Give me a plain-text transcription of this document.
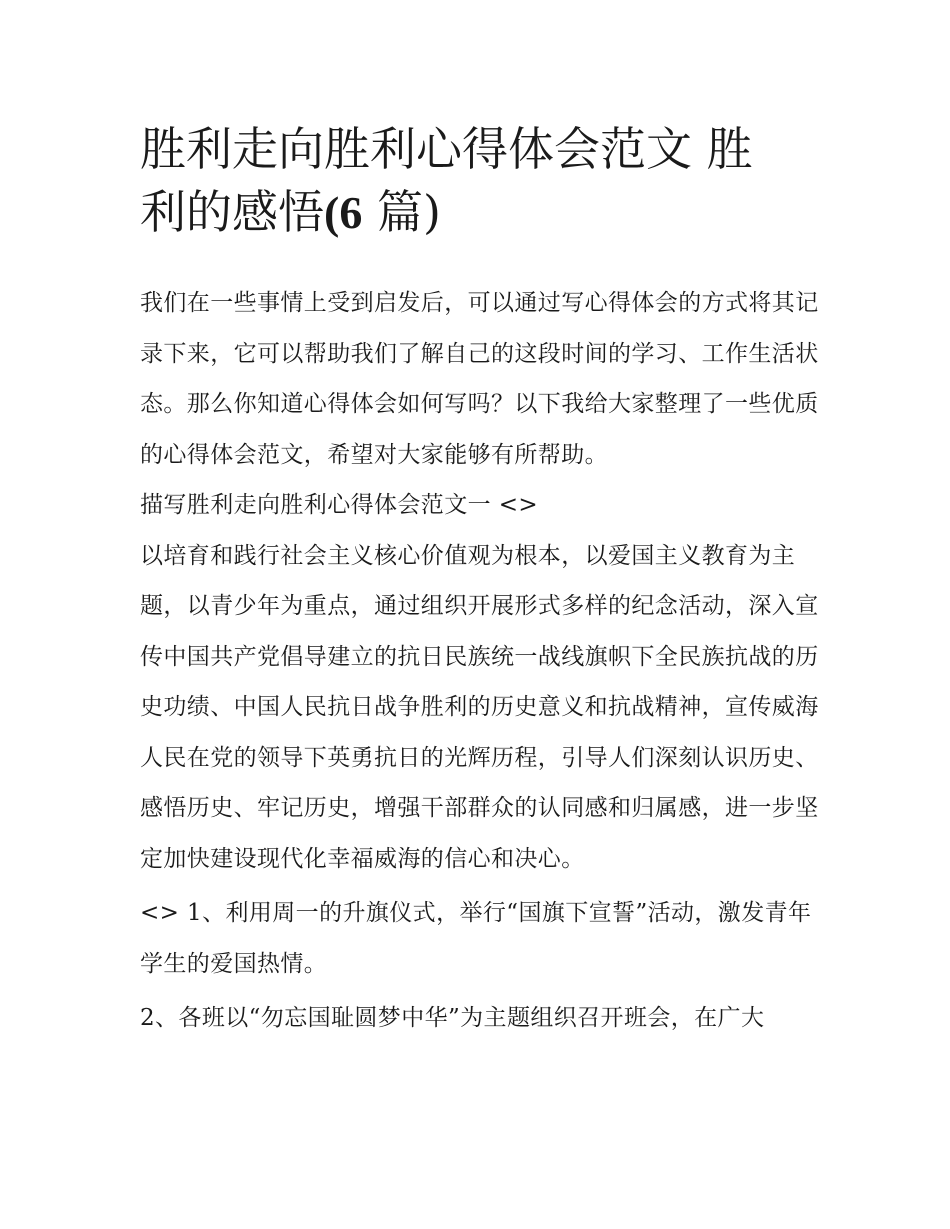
胜利走向胜利心得体会范文 胜
利的感悟(6 篇)

我们在一些事情上受到启发后，可以通过写心得体会的方式将其记录下来，它可以帮助我们了解自己的这段时间的学习、工作生活状态。那么你知道心得体会如何写吗？以下我给大家整理了一些优质的心得体会范文，希望对大家能够有所帮助。

描写胜利走向胜利心得体会范文一 <>

以培育和践行社会主义核心价值观为根本，以爱国主义教育为主题，以青少年为重点，通过组织开展形式多样的纪念活动，深入宣传中国共产党倡导建立的抗日民族统一战线旗帜下全民族抗战的历史功绩、中国人民抗日战争胜利的历史意义和抗战精神，宣传威海人民在党的领导下英勇抗日的光辉历程，引导人们深刻认识历史、感悟历史、牢记历史，增强干部群众的认同感和归属感，进一步坚定加快建设现代化幸福威海的信心和决心。

<> 1、利用周一的升旗仪式，举行“国旗下宣誓”活动，激发青年学生的爱国热情。

2、各班以“勿忘国耻圆梦中华”为主题组织召开班会，在广大
